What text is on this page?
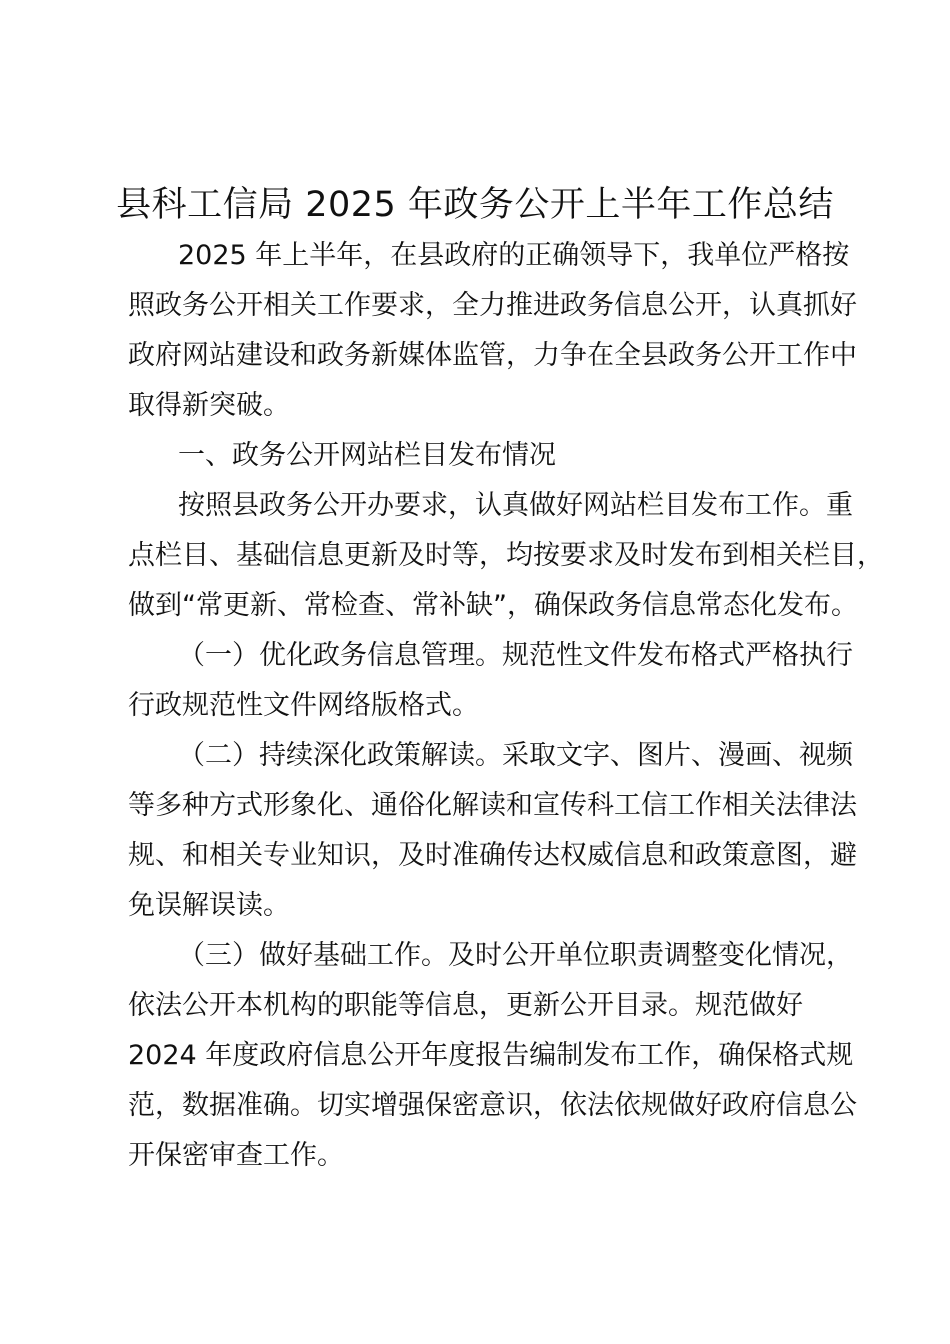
县科工信局 2025 年政务公开上半年工作总结
2025 年上半年，在县政府的正确领导下，我单位严格按
照政务公开相关工作要求，全力推进政务信息公开，认真抓好
政府网站建设和政务新媒体监管，力争在全县政务公开工作中
取得新突破。
一、政务公开网站栏目发布情况
按照县政务公开办要求，认真做好网站栏目发布工作。重
点栏目、基础信息更新及时等，均按要求及时发布到相关栏目，
做到“常更新、常检查、常补缺”，确保政务信息常态化发布。
（一）优化政务信息管理。规范性文件发布格式严格执行
行政规范性文件网络版格式。
（二）持续深化政策解读。采取文字、图片、漫画、视频
等多种方式形象化、通俗化解读和宣传科工信工作相关法律法
规、和相关专业知识，及时准确传达权威信息和政策意图，避
免误解误读。
（三）做好基础工作。及时公开单位职责调整变化情况，
依法公开本机构的职能等信息，更新公开目录。规范做好
2024 年度政府信息公开年度报告编制发布工作，确保格式规
范，数据准确。切实增强保密意识，依法依规做好政府信息公
开保密审查工作。
